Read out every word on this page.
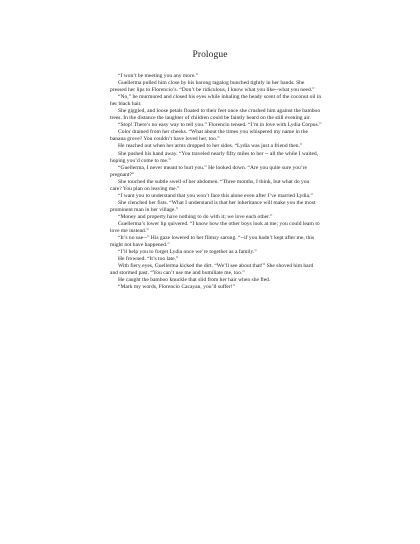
Prologue

“I won’t be meeting you any more.”

Guellerma pulled him close by his barong tagalog bunched tightly in her hands. She pressed her lips to Florencio’s. “Don’t be ridiculous, I know what you like--what you need.”

“No,” he murmured and closed his eyes while inhaling the heady scent of the coconut oil in her black hair.

She giggled, and loose petals floated to their feet once she crushed him against the bamboo trees. In the distance the laughter of children could be faintly heard on the still evening air.

“Stop! There’s no easy way to tell you.” Florencio tensed. “I’m in love with Lydia Corpus.”

Color drained from her cheeks. “What about the times you whispered my name in the banana grove? You couldn’t have loved her, too.”

He reached out when her arms dropped to her sides. “Lydia was just a friend then.”

She pushed his hand away. “You traveled nearly fifty miles to her -- all the while I waited, hoping you’d come to me.”

“Guellerma, I never meant to hurt you.” He looked down. “Are you quite sure you’re pregnant?”

She touched the subtle swell of her abdomen. “Three months, I think, but what do you care? You plan on leaving me.”

“I want you to understand that you won’t face this alone even after I’ve married Lydia.”

She clenched her fists. “What I understand is that her inheritance will make you the most prominent man in her village.”

“Money and property have nothing to do with it; we love each other.”

Guellerma’s lower lip quivered. “I know how the other boys look at me; you could learn to love me instead.”

“It’s no use--” His gaze lowered to her flimsy sarong. “--if you hadn’t kept after me, this might not have happened.”

“I’ll help you to forget Lydia once we’re together as a family.”

He frowned. “It’s too late.”

With fiery eyes, Guellerma kicked the dirt. “We’ll see about that!” She shoved him hard and stormed past. “You can’t use me and humiliate me, too.”

He caught the bamboo knuckle that slid from her hair when she fled.

“Mark my words, Florencio Cacayan, you’ll suffer!”
